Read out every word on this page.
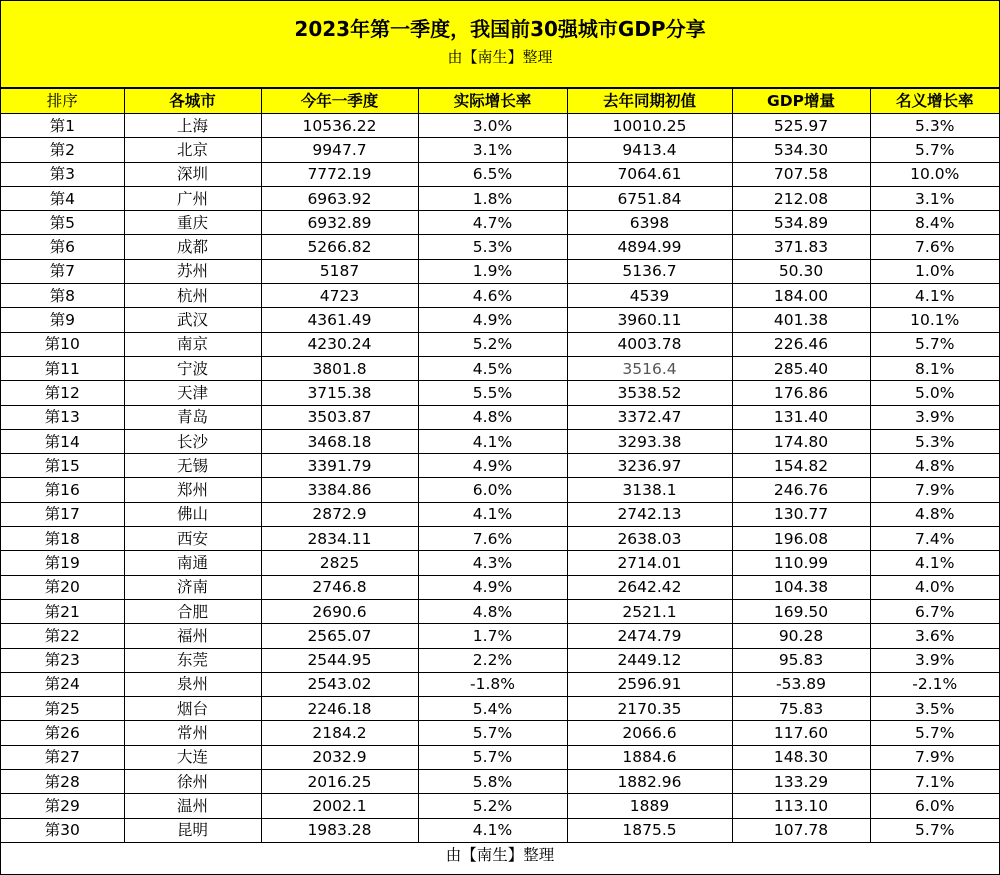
2023年第一季度，我国前30强城市GDP分享
由【南生】整理
排序	各城市	今年一季度	实际增长率	去年同期初值	GDP增量	名义增长率
第1	上海	10536.22	3.0%	10010.25	525.97	5.3%
第2	北京	9947.7	3.1%	9413.4	534.30	5.7%
第3	深圳	7772.19	6.5%	7064.61	707.58	10.0%
第4	广州	6963.92	1.8%	6751.84	212.08	3.1%
第5	重庆	6932.89	4.7%	6398	534.89	8.4%
第6	成都	5266.82	5.3%	4894.99	371.83	7.6%
第7	苏州	5187	1.9%	5136.7	50.30	1.0%
第8	杭州	4723	4.6%	4539	184.00	4.1%
第9	武汉	4361.49	4.9%	3960.11	401.38	10.1%
第10	南京	4230.24	5.2%	4003.78	226.46	5.7%
第11	宁波	3801.8	4.5%	3516.4	285.40	8.1%
第12	天津	3715.38	5.5%	3538.52	176.86	5.0%
第13	青岛	3503.87	4.8%	3372.47	131.40	3.9%
第14	长沙	3468.18	4.1%	3293.38	174.80	5.3%
第15	无锡	3391.79	4.9%	3236.97	154.82	4.8%
第16	郑州	3384.86	6.0%	3138.1	246.76	7.9%
第17	佛山	2872.9	4.1%	2742.13	130.77	4.8%
第18	西安	2834.11	7.6%	2638.03	196.08	7.4%
第19	南通	2825	4.3%	2714.01	110.99	4.1%
第20	济南	2746.8	4.9%	2642.42	104.38	4.0%
第21	合肥	2690.6	4.8%	2521.1	169.50	6.7%
第22	福州	2565.07	1.7%	2474.79	90.28	3.6%
第23	东莞	2544.95	2.2%	2449.12	95.83	3.9%
第24	泉州	2543.02	-1.8%	2596.91	-53.89	-2.1%
第25	烟台	2246.18	5.4%	2170.35	75.83	3.5%
第26	常州	2184.2	5.7%	2066.6	117.60	5.7%
第27	大连	2032.9	5.7%	1884.6	148.30	7.9%
第28	徐州	2016.25	5.8%	1882.96	133.29	7.1%
第29	温州	2002.1	5.2%	1889	113.10	6.0%
第30	昆明	1983.28	4.1%	1875.5	107.78	5.7%
由【南生】整理
